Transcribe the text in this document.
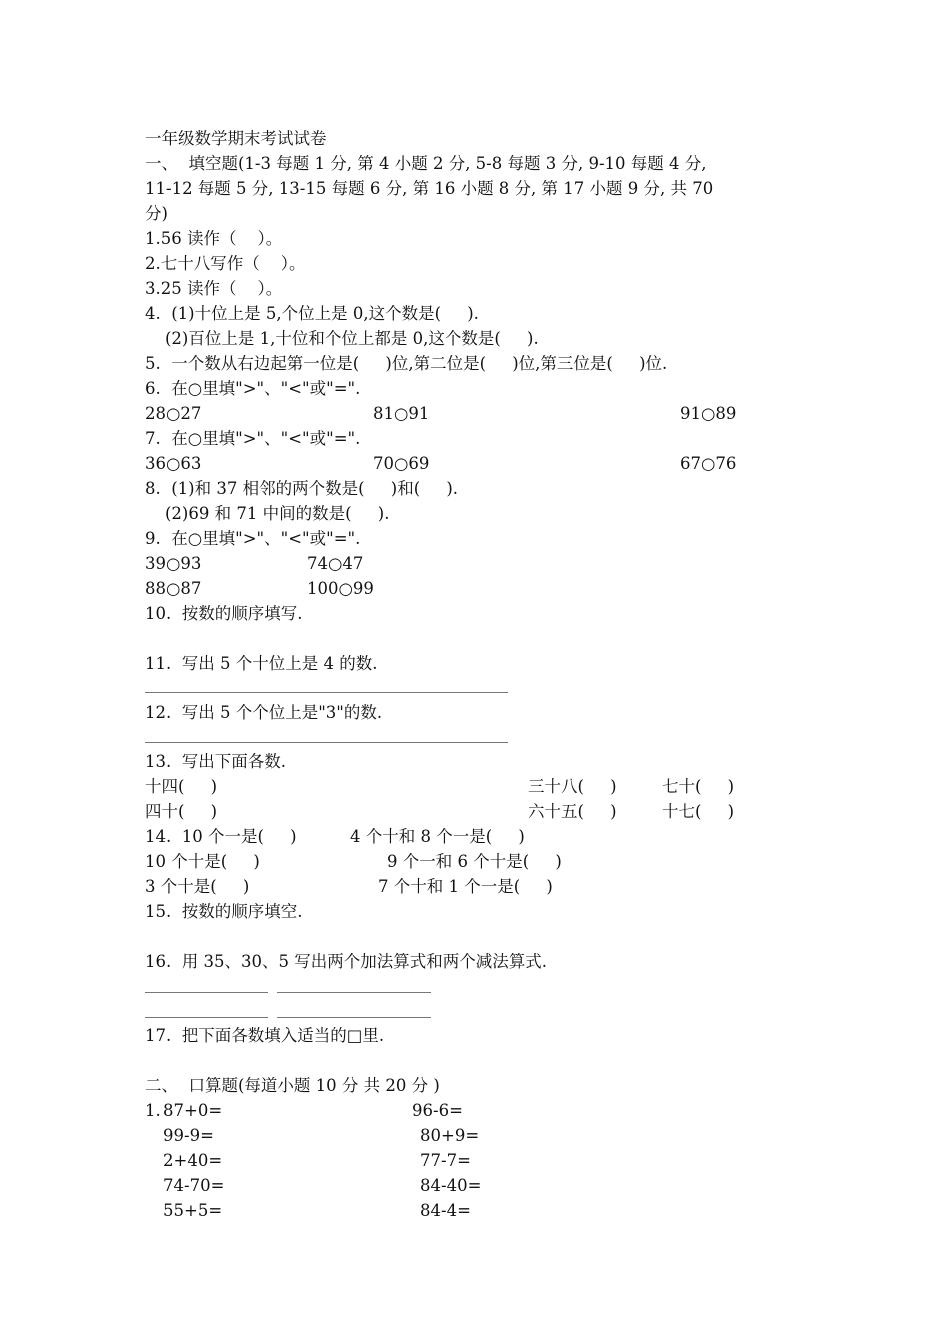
一年级数学期末考试试卷
一、  填空题(1-3 每题 1 分, 第 4 小题 2 分, 5-8 每题 3 分, 9-10 每题 4 分,
11-12 每题 5 分, 13-15 每题 6 分, 第 16 小题 8 分, 第 17 小题 9 分, 共 70
分)
1.56 读作（    ）。
2.七十八写作（    ）。
3.25 读作（    ）。
4.  (1)十位上是 5,个位上是 0,这个数是(     ).
(2)百位上是 1,十位和个位上都是 0,这个数是(     ).
5.  一个数从右边起第一位是(     )位,第二位是(     )位,第三位是(     )位.
6.  在○里填">"、"<"或"=".
28○27	81○91	91○89
7.  在○里填">"、"<"或"=".
36○63	70○69	67○76
8.  (1)和 37 相邻的两个数是(     )和(     ).
(2)69 和 71 中间的数是(     ).
9.  在○里填">"、"<"或"=".
39○93	74○47
88○87	100○99
10.  按数的顺序填写.
11.  写出 5 个十位上是 4 的数.
12.  写出 5 个个位上是"3"的数.
13.  写出下面各数.
十四(     )	三十八(     )	七十(     )
四十(     )	六十五(     )	十七(     )
14.  10 个一是(     )	4 个十和 8 个一是(     )
10 个十是(     )	9 个一和 6 个十是(     )
3 个十是(     )	7 个十和 1 个一是(     )
15.  按数的顺序填空.
16.  用 35、30、5 写出两个加法算式和两个减法算式.
17.  把下面各数填入适当的□里.
二、  口算题(每道小题 10 分 共 20 分 )
1. 87+0=	96-6=
99-9=	80+9=
2+40=	77-7=
74-70=	84-40=
55+5=	84-4=
